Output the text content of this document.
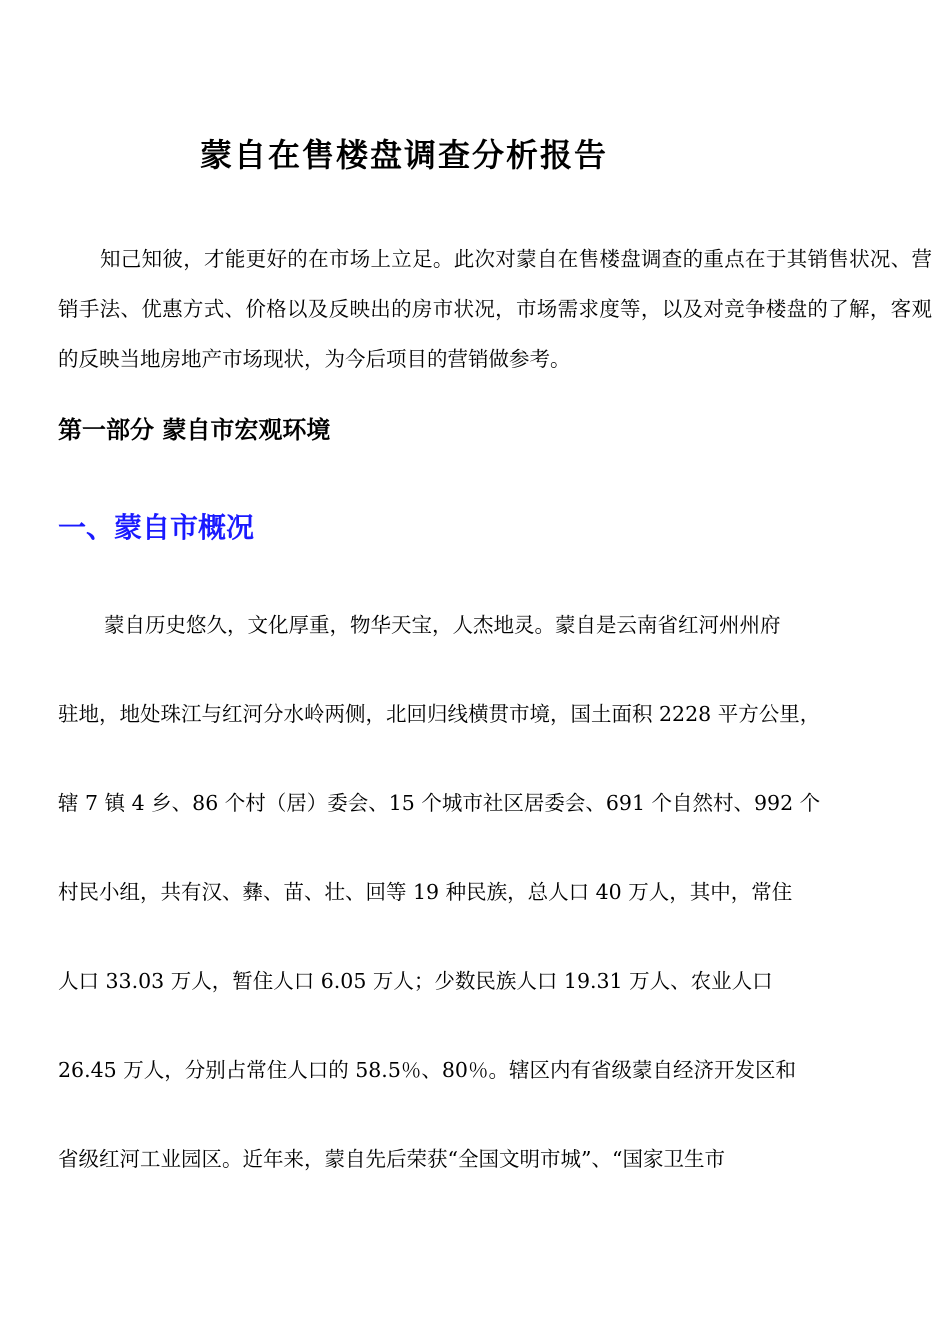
蒙自在售楼盘调查分析报告

知己知彼，才能更好的在市场上立足。此次对蒙自在售楼盘调查的重点在于其销售状况、营销手法、优惠方式、价格以及反映出的房市状况，市场需求度等，以及对竞争楼盘的了解，客观的反映当地房地产市场现状，为今后项目的营销做参考。

第一部分 蒙自市宏观环境
一、蒙自市概况
蒙自历史悠久，文化厚重，物华天宝，人杰地灵。蒙自是云南省红河州州府
驻地，地处珠江与红河分水岭两侧，北回归线横贯市境，国土面积 2228 平方公里，
辖 7 镇 4 乡、86 个村（居）委会、15 个城市社区居委会、691 个自然村、992 个
村民小组，共有汉、彝、苗、壮、回等 19 种民族，总人口 40 万人，其中，常住
人口 33.03 万人，暂住人口 6.05 万人；少数民族人口 19.31 万人、农业人口
26.45 万人，分别占常住人口的 58.5％、80％。辖区内有省级蒙自经济开发区和
省级红河工业园区。近年来，蒙自先后荣获“全国文明市城”、“国家卫生市
